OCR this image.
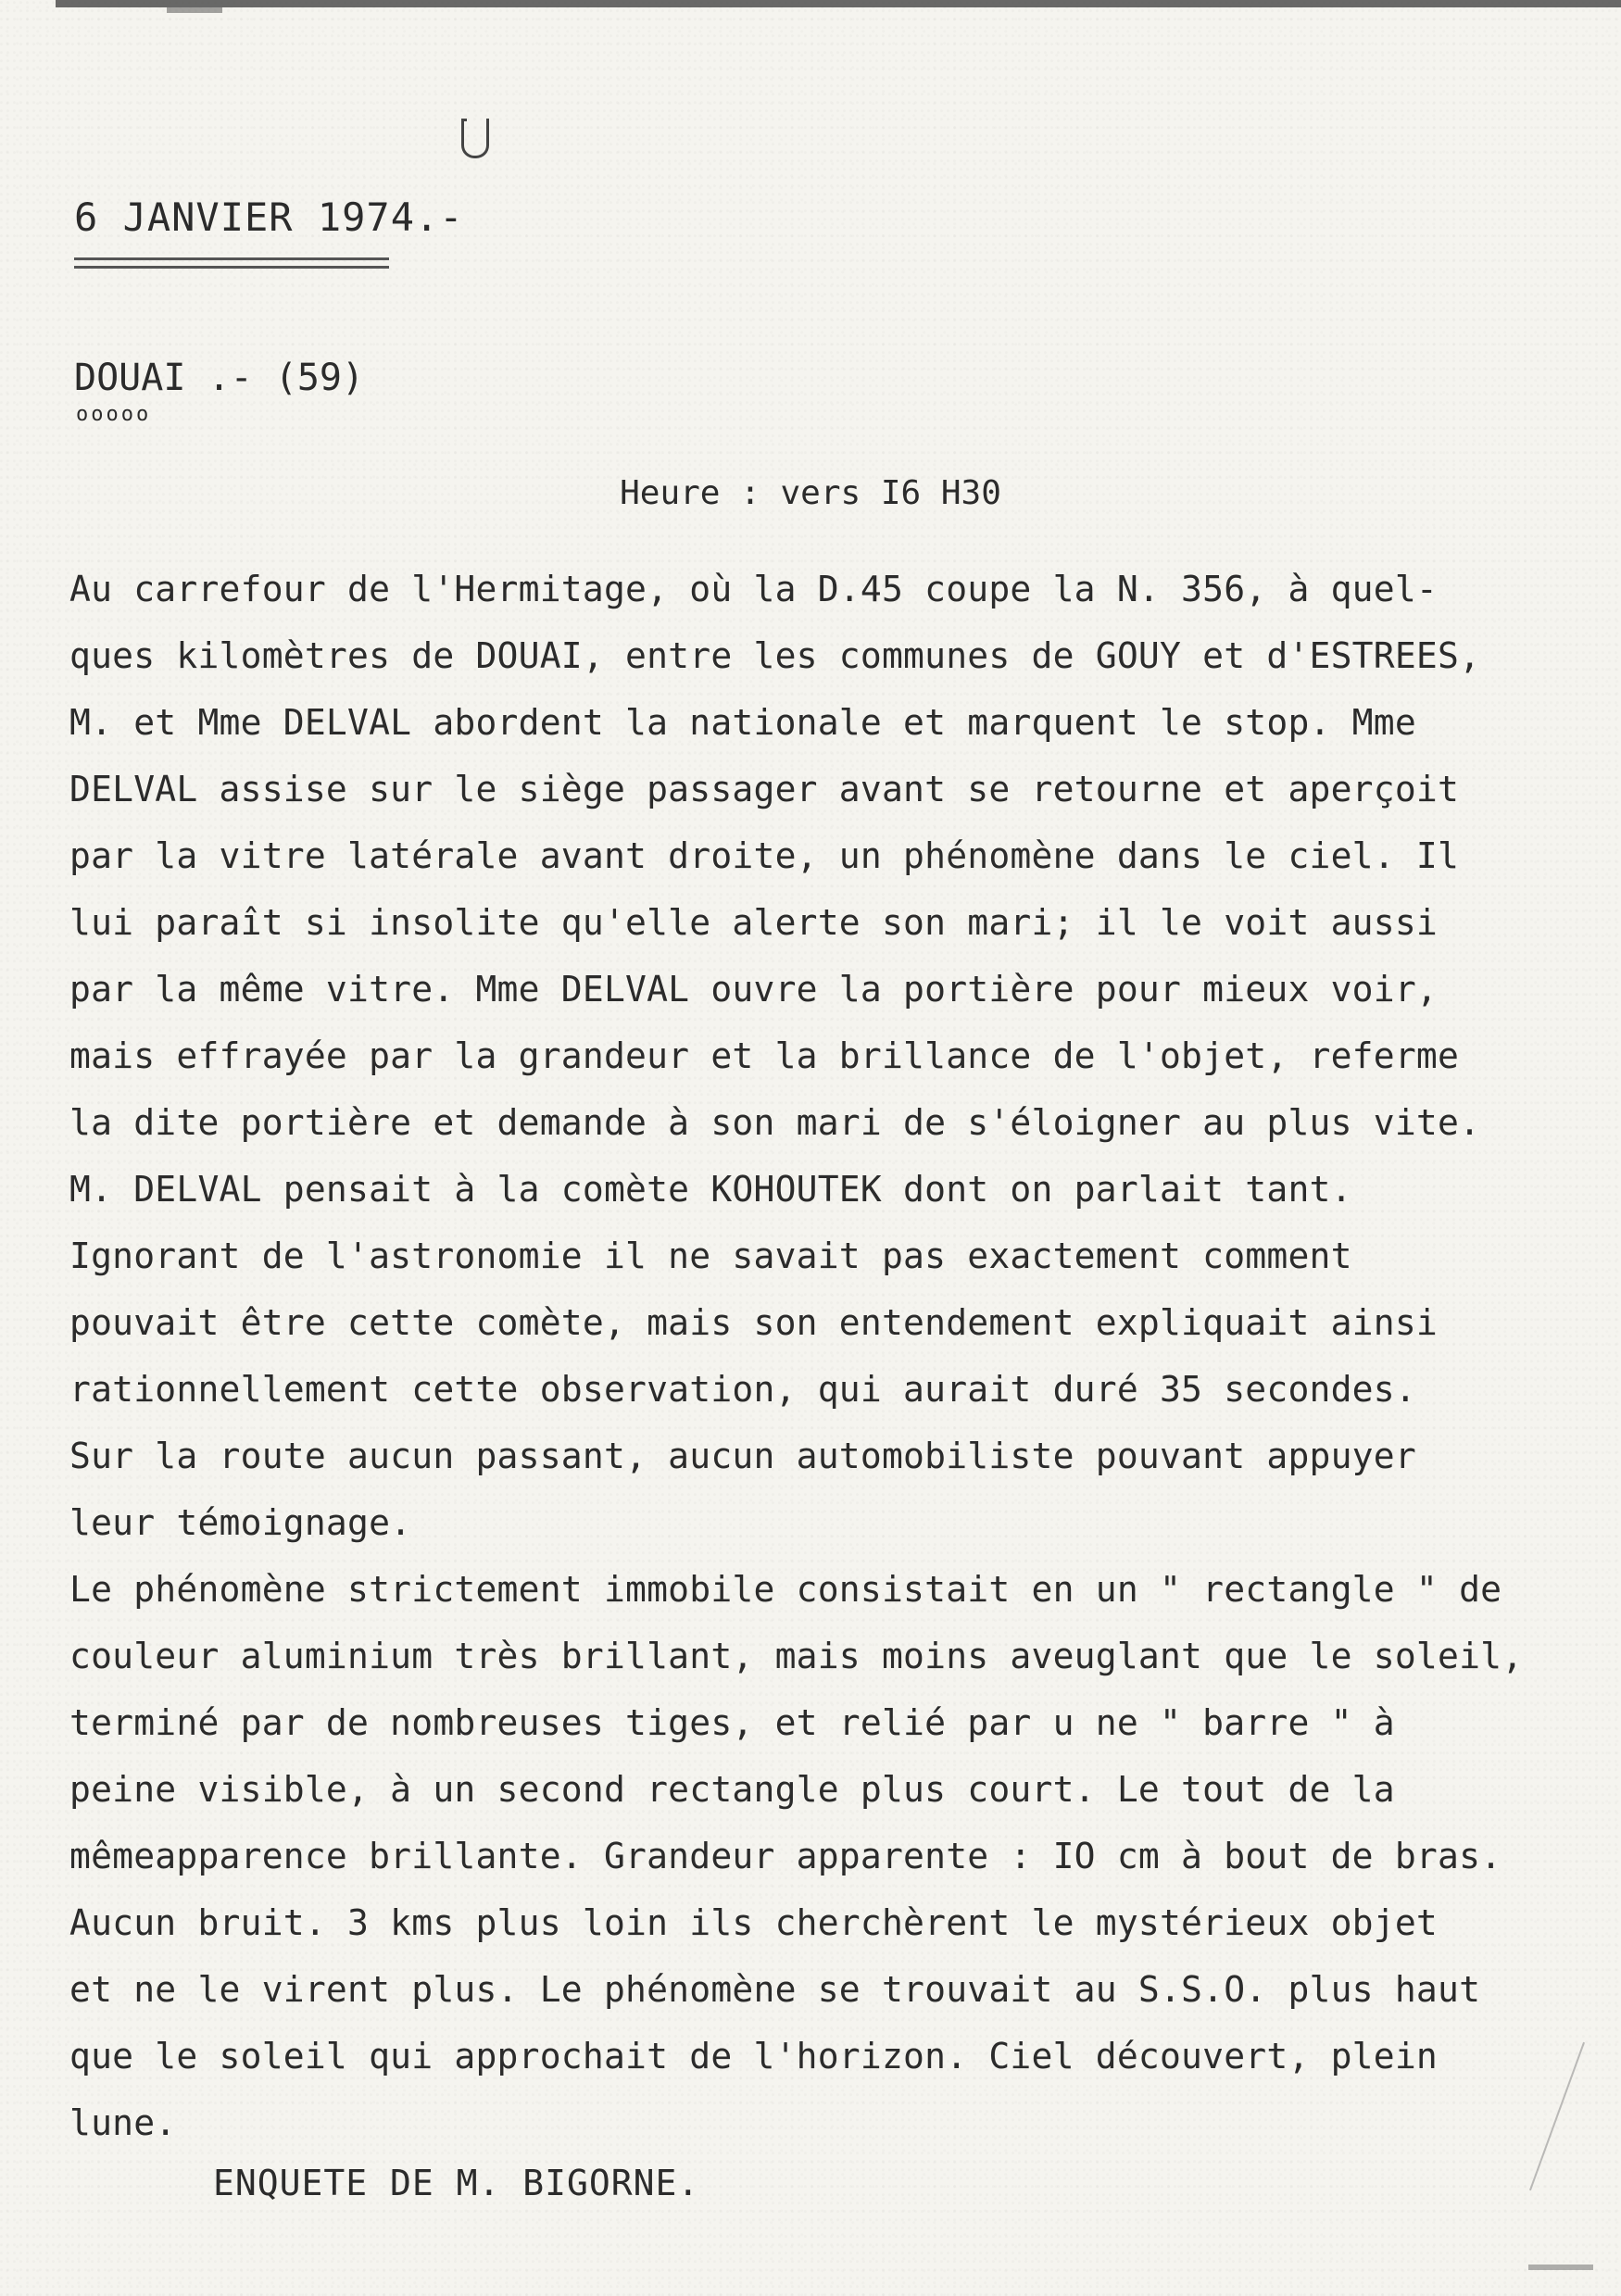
6 JANVIER 1974.-
DOUAI .- (59)
ooooo
Heure : vers I6 H30
Au carrefour de l'Hermitage, où la D.45 coupe la N. 356, à quel-
ques kilomètres de DOUAI, entre les communes de GOUY et d'ESTREES,
M. et Mme DELVAL abordent la nationale et marquent le stop. Mme
DELVAL assise sur le siège passager avant se retourne et aperçoit
par la vitre latérale avant droite, un phénomène dans le ciel. Il
lui paraît si insolite qu'elle alerte son mari; il le voit aussi
par la même vitre. Mme DELVAL ouvre la portière pour mieux voir,
mais effrayée par la grandeur et la brillance de l'objet, referme
la dite portière et demande à son mari de s'éloigner au plus vite.
M. DELVAL pensait à la comète KOHOUTEK dont on parlait tant.
Ignorant de l'astronomie il ne savait pas exactement comment
pouvait être cette comète, mais son entendement expliquait ainsi
rationnellement cette observation, qui aurait duré 35 secondes.
Sur la route aucun passant, aucun automobiliste pouvant appuyer
leur témoignage.
Le phénomène strictement immobile consistait en un " rectangle " de
couleur aluminium très brillant, mais moins aveuglant que le soleil,
terminé par de nombreuses tiges, et relié par u ne " barre " à
peine visible, à un second rectangle plus court. Le tout de la
mêmeapparence brillante. Grandeur apparente : IO cm à bout de bras.
Aucun bruit. 3 kms plus loin ils cherchèrent le mystérieux objet
et ne le virent plus. Le phénomène se trouvait au S.S.O. plus haut
que le soleil qui approchait de l'horizon. Ciel découvert, plein
lune.
ENQUETE DE M. BIGORNE.
